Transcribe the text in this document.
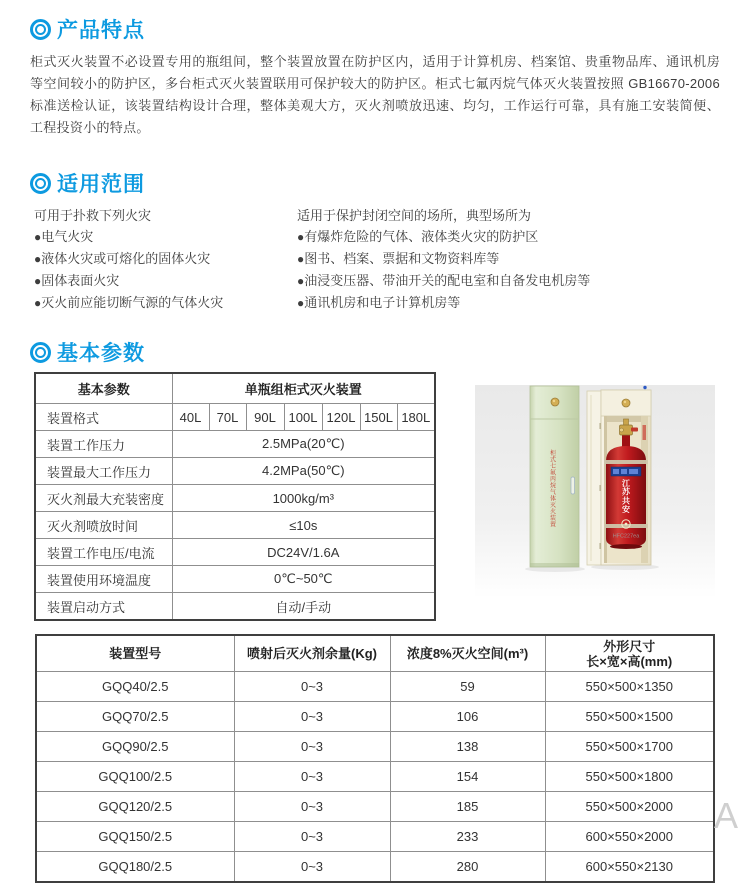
产品特点

柜式灭火装置不必设置专用的瓶组间，整个装置放置在防护区内，适用于计算机房、档案馆、贵重物品库、通讯机房等空间较小的防护区，多台柜式灭火装置联用可保护较大的防护区。柜式七氟丙烷气体灭火装置按照 GB16670-2006 标准送检认证，该装置结构设计合理，整体美观大方，灭火剂喷放迅速、均匀，工作运行可靠，具有施工安装简便、工程投资小的特点。

适用范围
可用于扑救下列火灾
●电气火灾
●液体火灾或可熔化的固体火灾
●固体表面火灾
●灭火前应能切断气源的气体火灾
适用于保护封闭空间的场所，典型场所为
●有爆炸危险的气体、液体类火灾的防护区
●图书、档案、票据和文物资料库等
●油浸变压器、带油开关的配电室和自备发电机房等
●通讯机房和电子计算机房等
基本参数
基本参数	单瓶组柜式灭火装置						
装置格式	40L	70L	90L	100L	120L	150L	180L
装置工作压力	2.5MPa(20℃)						
装置最大工作压力	4.2MPa(50℃)						
灭火剂最大充装密度	1000kg/m³						
灭火剂喷放时间	≤10s						
装置工作电压/电流	DC24V/1.6A						
装置使用环境温度	0℃~50℃						
装置启动方式	自动/手动						
柜式七氟丙烷气体灭火装置
江苏共安
HFC227ea
装置型号	喷射后灭火剂余量(Kg)	浓度8%灭火空间(m³)	外形尺寸
长×宽×高(mm)

GQQ40/2.5	0~3	59	550×500×1350
GQQ70/2.5	0~3	106	550×500×1500
GQQ90/2.5	0~3	138	550×500×1700
GQQ100/2.5	0~3	154	550×500×1800
GQQ120/2.5	0~3	185	550×500×2000
GQQ150/2.5	0~3	233	600×550×2000
GQQ180/2.5	0~3	280	600×550×2130
A
